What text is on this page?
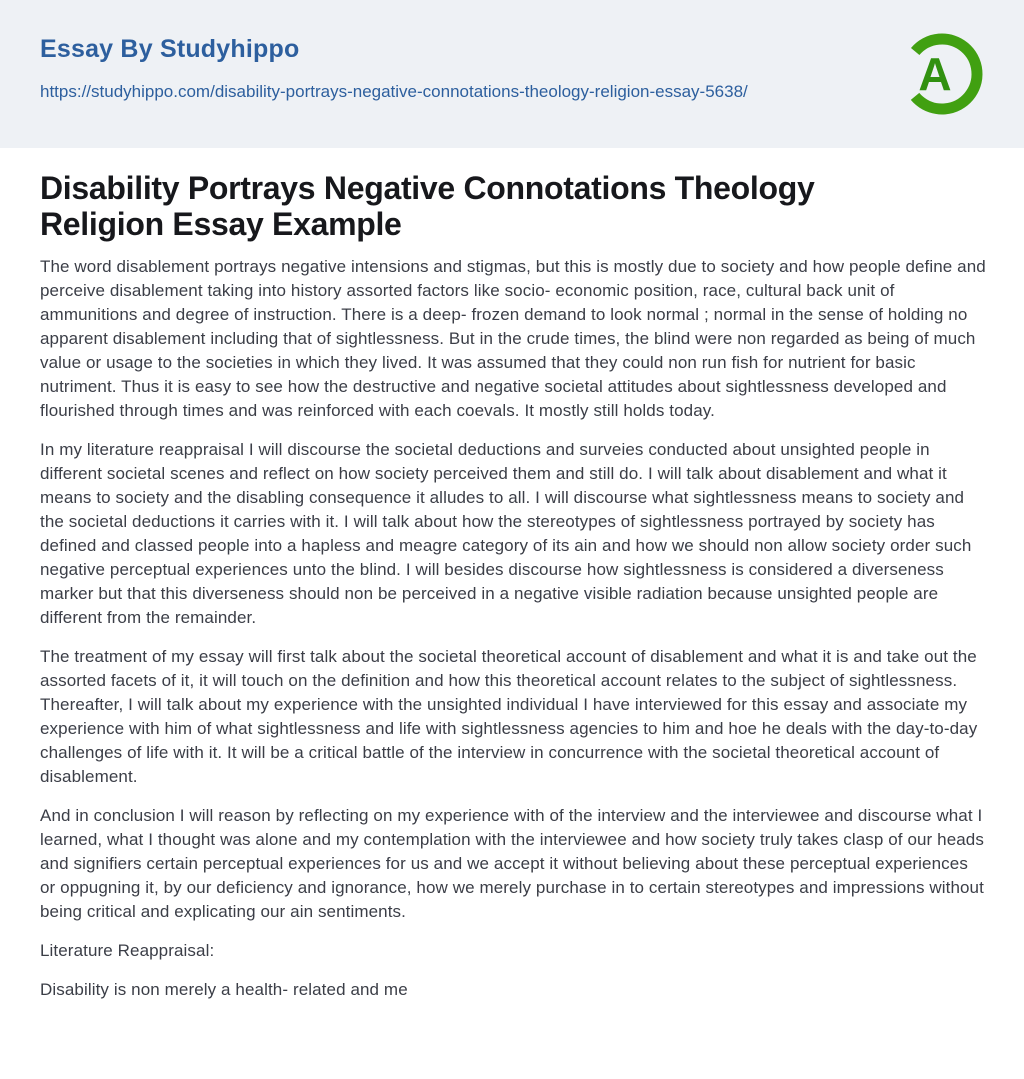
Essay By Studyhippo
https://studyhippo.com/disability-portrays-negative-connotations-theology-religion-essay-5638/	A
Disability Portrays Negative Connotations Theology Religion Essay Example

The word disablement portrays negative intensions and stigmas, but this is mostly due to society and how people define and perceive disablement taking into history assorted factors like socio- economic position, race, cultural back unit of ammunitions and degree of instruction. There is a deep- frozen demand to look normal ; normal in the sense of holding no apparent disablement including that of sightlessness. But in the crude times, the blind were non regarded as being of much value or usage to the societies in which they lived. It was assumed that they could non run fish for nutrient for basic nutriment. Thus it is easy to see how the destructive and negative societal attitudes about sightlessness developed and flourished through times and was reinforced with each coevals. It mostly still holds today.

In my literature reappraisal I will discourse the societal deductions and surveies conducted about unsighted people in different societal scenes and reflect on how society perceived them and still do. I will talk about disablement and what it means to society and the disabling consequence it alludes to all. I will discourse what sightlessness means to society and the societal deductions it carries with it. I will talk about how the stereotypes of sightlessness portrayed by society has defined and classed people into a hapless and meagre category of its ain and how we should non allow society order such negative perceptual experiences unto the blind. I will besides discourse how sightlessness is considered a diverseness marker but that this diverseness should non be perceived in a negative visible radiation because unsighted people are different from the remainder.

The treatment of my essay will first talk about the societal theoretical account of disablement and what it is and take out the assorted facets of it, it will touch on the definition and how this theoretical account relates to the subject of sightlessness. Thereafter, I will talk about my experience with the unsighted individual I have interviewed for this essay and associate my experience with him of what sightlessness and life with sightlessness agencies to him and hoe he deals with the day-to-day challenges of life with it. It will be a critical battle of the interview in concurrence with the societal theoretical account of disablement.

And in conclusion I will reason by reflecting on my experience with of the interview and the interviewee and discourse what I learned, what I thought was alone and my contemplation with the interviewee and how society truly takes clasp of our heads and signifiers certain perceptual experiences for us and we accept it without believing about these perceptual experiences or oppugning it, by our deficiency and ignorance, how we merely purchase in to certain stereotypes and impressions without being critical and explicating our ain sentiments.

Literature Reappraisal:

Disability is non merely a health- related and me
